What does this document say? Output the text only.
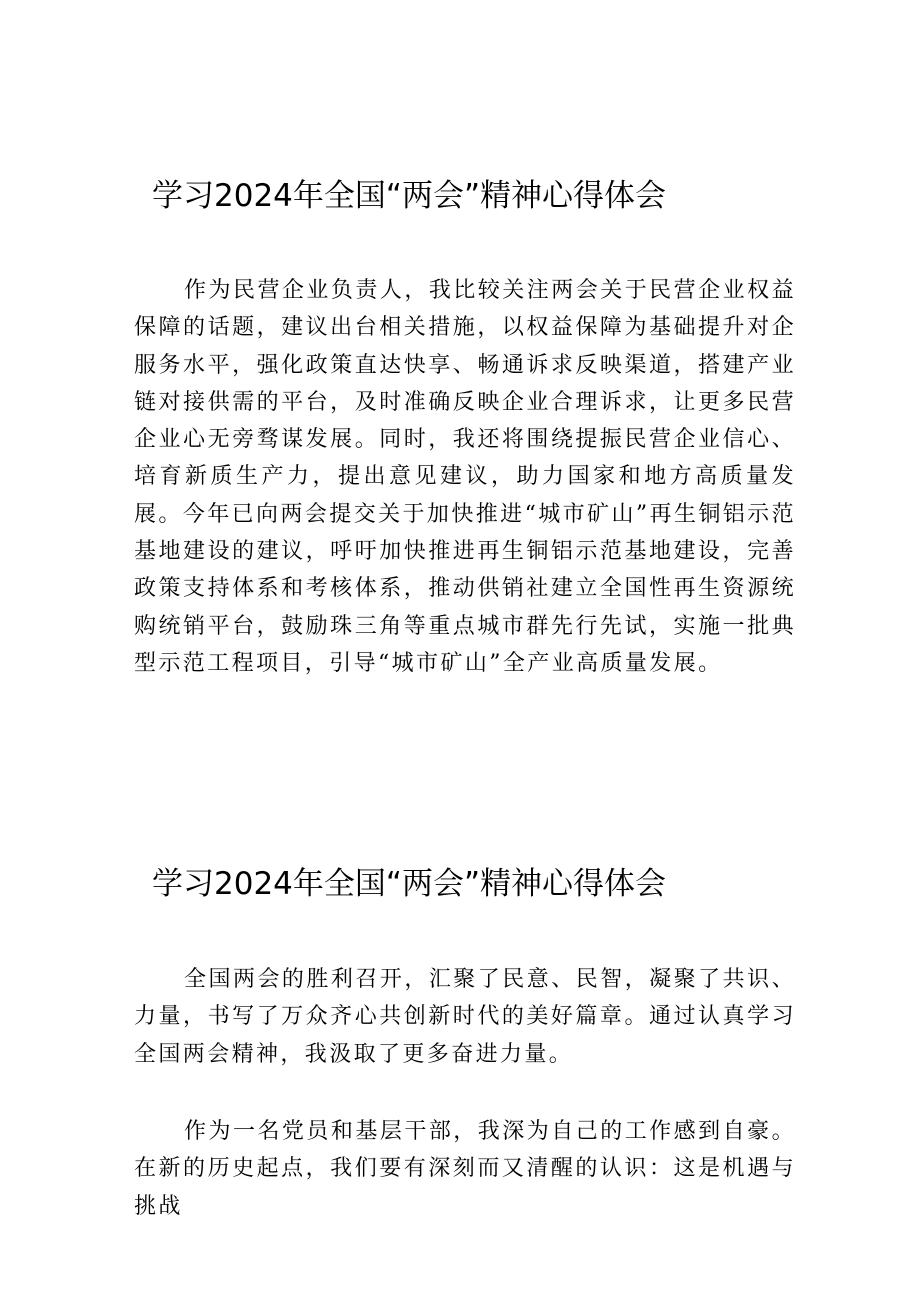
学习2024年全国“两会”精神心得体会

作为民营企业负责人，我比较关注两会关于民营企业权益保障的话题，建议出台相关措施，以权益保障为基础提升对企服务水平，强化政策直达快享、畅通诉求反映渠道，搭建产业链对接供需的平台，及时准确反映企业合理诉求，让更多民营企业心无旁骛谋发展。同时，我还将围绕提振民营企业信心、培育新质生产力，提出意见建议，助力国家和地方高质量发展。今年已向两会提交关于加快推进“城市矿山”再生铜铝示范基地建设的建议，呼吁加快推进再生铜铝示范基地建设，完善政策支持体系和考核体系，推动供销社建立全国性再生资源统购统销平台，鼓励珠三角等重点城市群先行先试，实施一批典型示范工程项目，引导“城市矿山”全产业高质量发展。

学习2024年全国“两会”精神心得体会

全国两会的胜利召开，汇聚了民意、民智，凝聚了共识、力量，书写了万众齐心共创新时代的美好篇章。通过认真学习全国两会精神，我汲取了更多奋进力量。

作为一名党员和基层干部，我深为自己的工作感到自豪。在新的历史起点，我们要有深刻而又清醒的认识：这是机遇与挑战
